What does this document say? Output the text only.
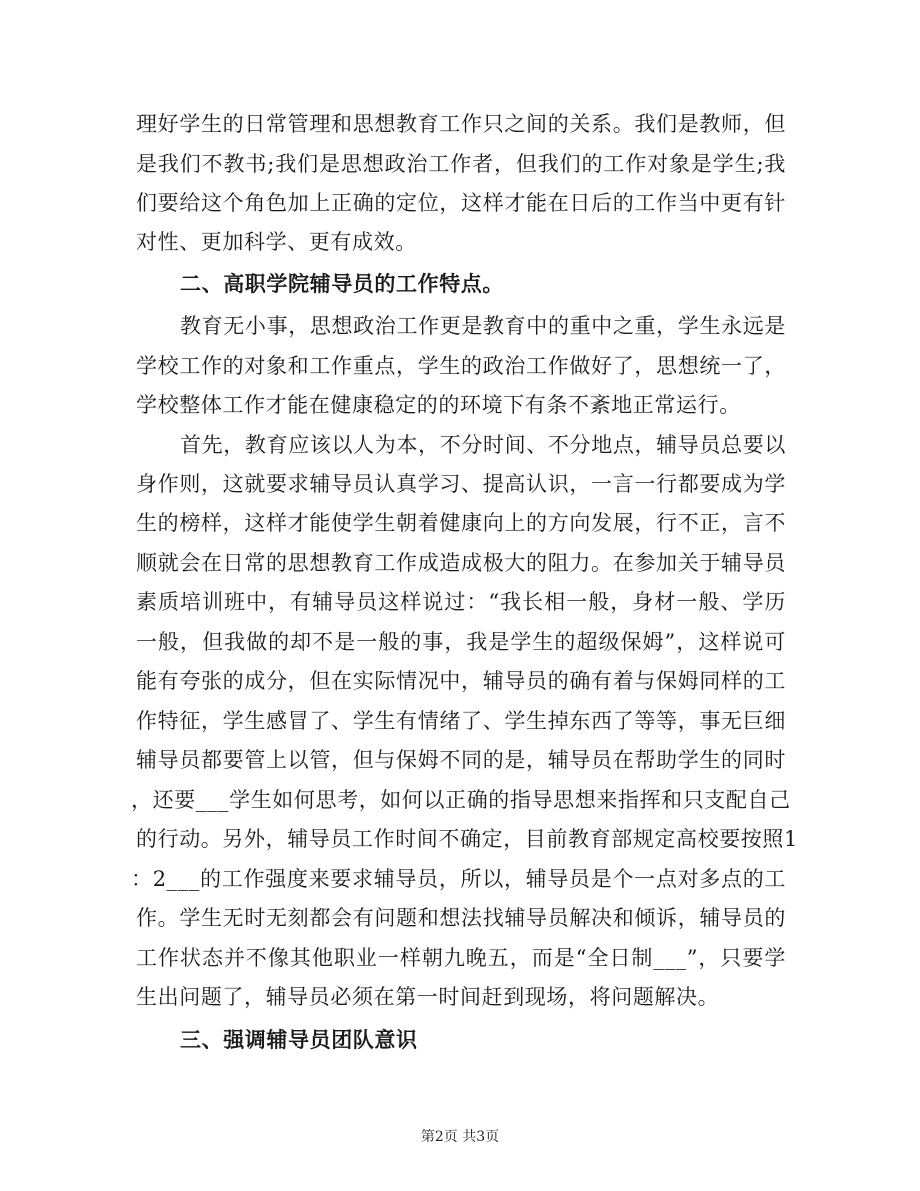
理好学生的日常管理和思想教育工作只之间的关系。我们是教师，但
是我们不教书;我们是思想政治工作者，但我们的工作对象是学生;我
们要给这个角色加上正确的定位，这样才能在日后的工作当中更有针
对性、更加科学、更有成效。
二、高职学院辅导员的工作特点。
教育无小事，思想政治工作更是教育中的重中之重，学生永远是
学校工作的对象和工作重点，学生的政治工作做好了，思想统一了，
学校整体工作才能在健康稳定的的环境下有条不紊地正常运行。
首先，教育应该以人为本，不分时间、不分地点，辅导员总要以
身作则，这就要求辅导员认真学习、提高认识，一言一行都要成为学
生的榜样，这样才能使学生朝着健康向上的方向发展，行不正，言不
顺就会在日常的思想教育工作成造成极大的阻力。在参加关于辅导员
素质培训班中，有辅导员这样说过：“我长相一般，身材一般、学历
一般，但我做的却不是一般的事，我是学生的超级保姆”，这样说可
能有夸张的成分，但在实际情况中，辅导员的确有着与保姆同样的工
作特征，学生感冒了、学生有情绪了、学生掉东西了等等，事无巨细
辅导员都要管上以管，但与保姆不同的是，辅导员在帮助学生的同时
，还要___学生如何思考，如何以正确的指导思想来指挥和只支配自己
的行动。另外，辅导员工作时间不确定，目前教育部规定高校要按照1
：2___的工作强度来要求辅导员，所以，辅导员是个一点对多点的工
作。学生无时无刻都会有问题和想法找辅导员解决和倾诉，辅导员的
工作状态并不像其他职业一样朝九晚五，而是“全日制___”，只要学
生出问题了，辅导员必须在第一时间赶到现场，将问题解决。
三、强调辅导员团队意识
第2页 共3页
